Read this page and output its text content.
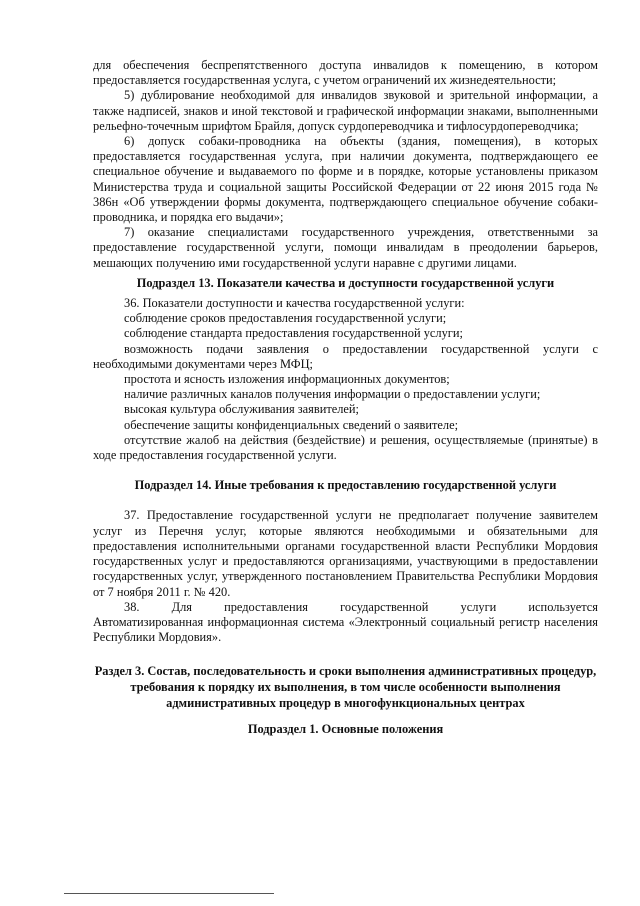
для обеспечения беспрепятственного доступа инвалидов к помещению, в котором предоставляется государственная услуга, с учетом ограничений их жизнедеятельности;

5) дублирование необходимой для инвалидов звуковой и зрительной информации, а также надписей, знаков и иной текстовой и графической информации знаками, выполненными рельефно-точечным шрифтом Брайля, допуск сурдопереводчика и тифлосурдопереводчика;

6) допуск собаки-проводника на объекты (здания, помещения), в которых предоставляется государственная услуга, при наличии документа, подтверждающего ее специальное обучение и выдаваемого по форме и в порядке, которые установлены приказом Министерства труда и социальной защиты Российской Федерации от 22 июня 2015 года № 386н «Об утверждении формы документа, подтверждающего специальное обучение собаки-проводника, и порядка его выдачи»;

7) оказание специалистами государственного учреждения, ответственными за предоставление государственной услуги, помощи инвалидам в преодолении барьеров, мешающих получению ими государственной услуги наравне с другими лицами.

Подраздел 13. Показатели качества и доступности государственной услуги

36. Показатели доступности и качества государственной услуги:

соблюдение сроков предоставления государственной услуги;

соблюдение стандарта предоставления государственной услуги;

возможность подачи заявления о предоставлении государственной услуги с необходимыми документами через МФЦ;

простота и ясность изложения информационных документов;

наличие различных каналов получения информации о предоставлении услуги;

высокая культура обслуживания заявителей;

обеспечение защиты конфиденциальных сведений о заявителе;

отсутствие жалоб на действия (бездействие) и решения, осуществляемые (принятые) в ходе предоставления государственной услуги.

Подраздел 14. Иные требования к предоставлению государственной услуги

37. Предоставление государственной услуги не предполагает получение заявителем услуг из Перечня услуг, которые являются необходимыми и обязательными для предоставления исполнительными органами государственной власти Республики Мордовия государственных услуг и предоставляются организациями, участвующими в предоставлении государственных услуг, утвержденного постановлением Правительства Республики Мордовия от 7 ноября 2011 г. № 420.

38. Для предоставления государственной услуги используется

Автоматизированная информационная система «Электронный социальный регистр населения Республики Мордовия».

Раздел 3. Состав, последовательность и сроки выполнения административных процедур, требования к порядку их выполнения, в том числе особенности выполнения административных процедур в многофункциональных центрах

Подраздел 1. Основные положения
